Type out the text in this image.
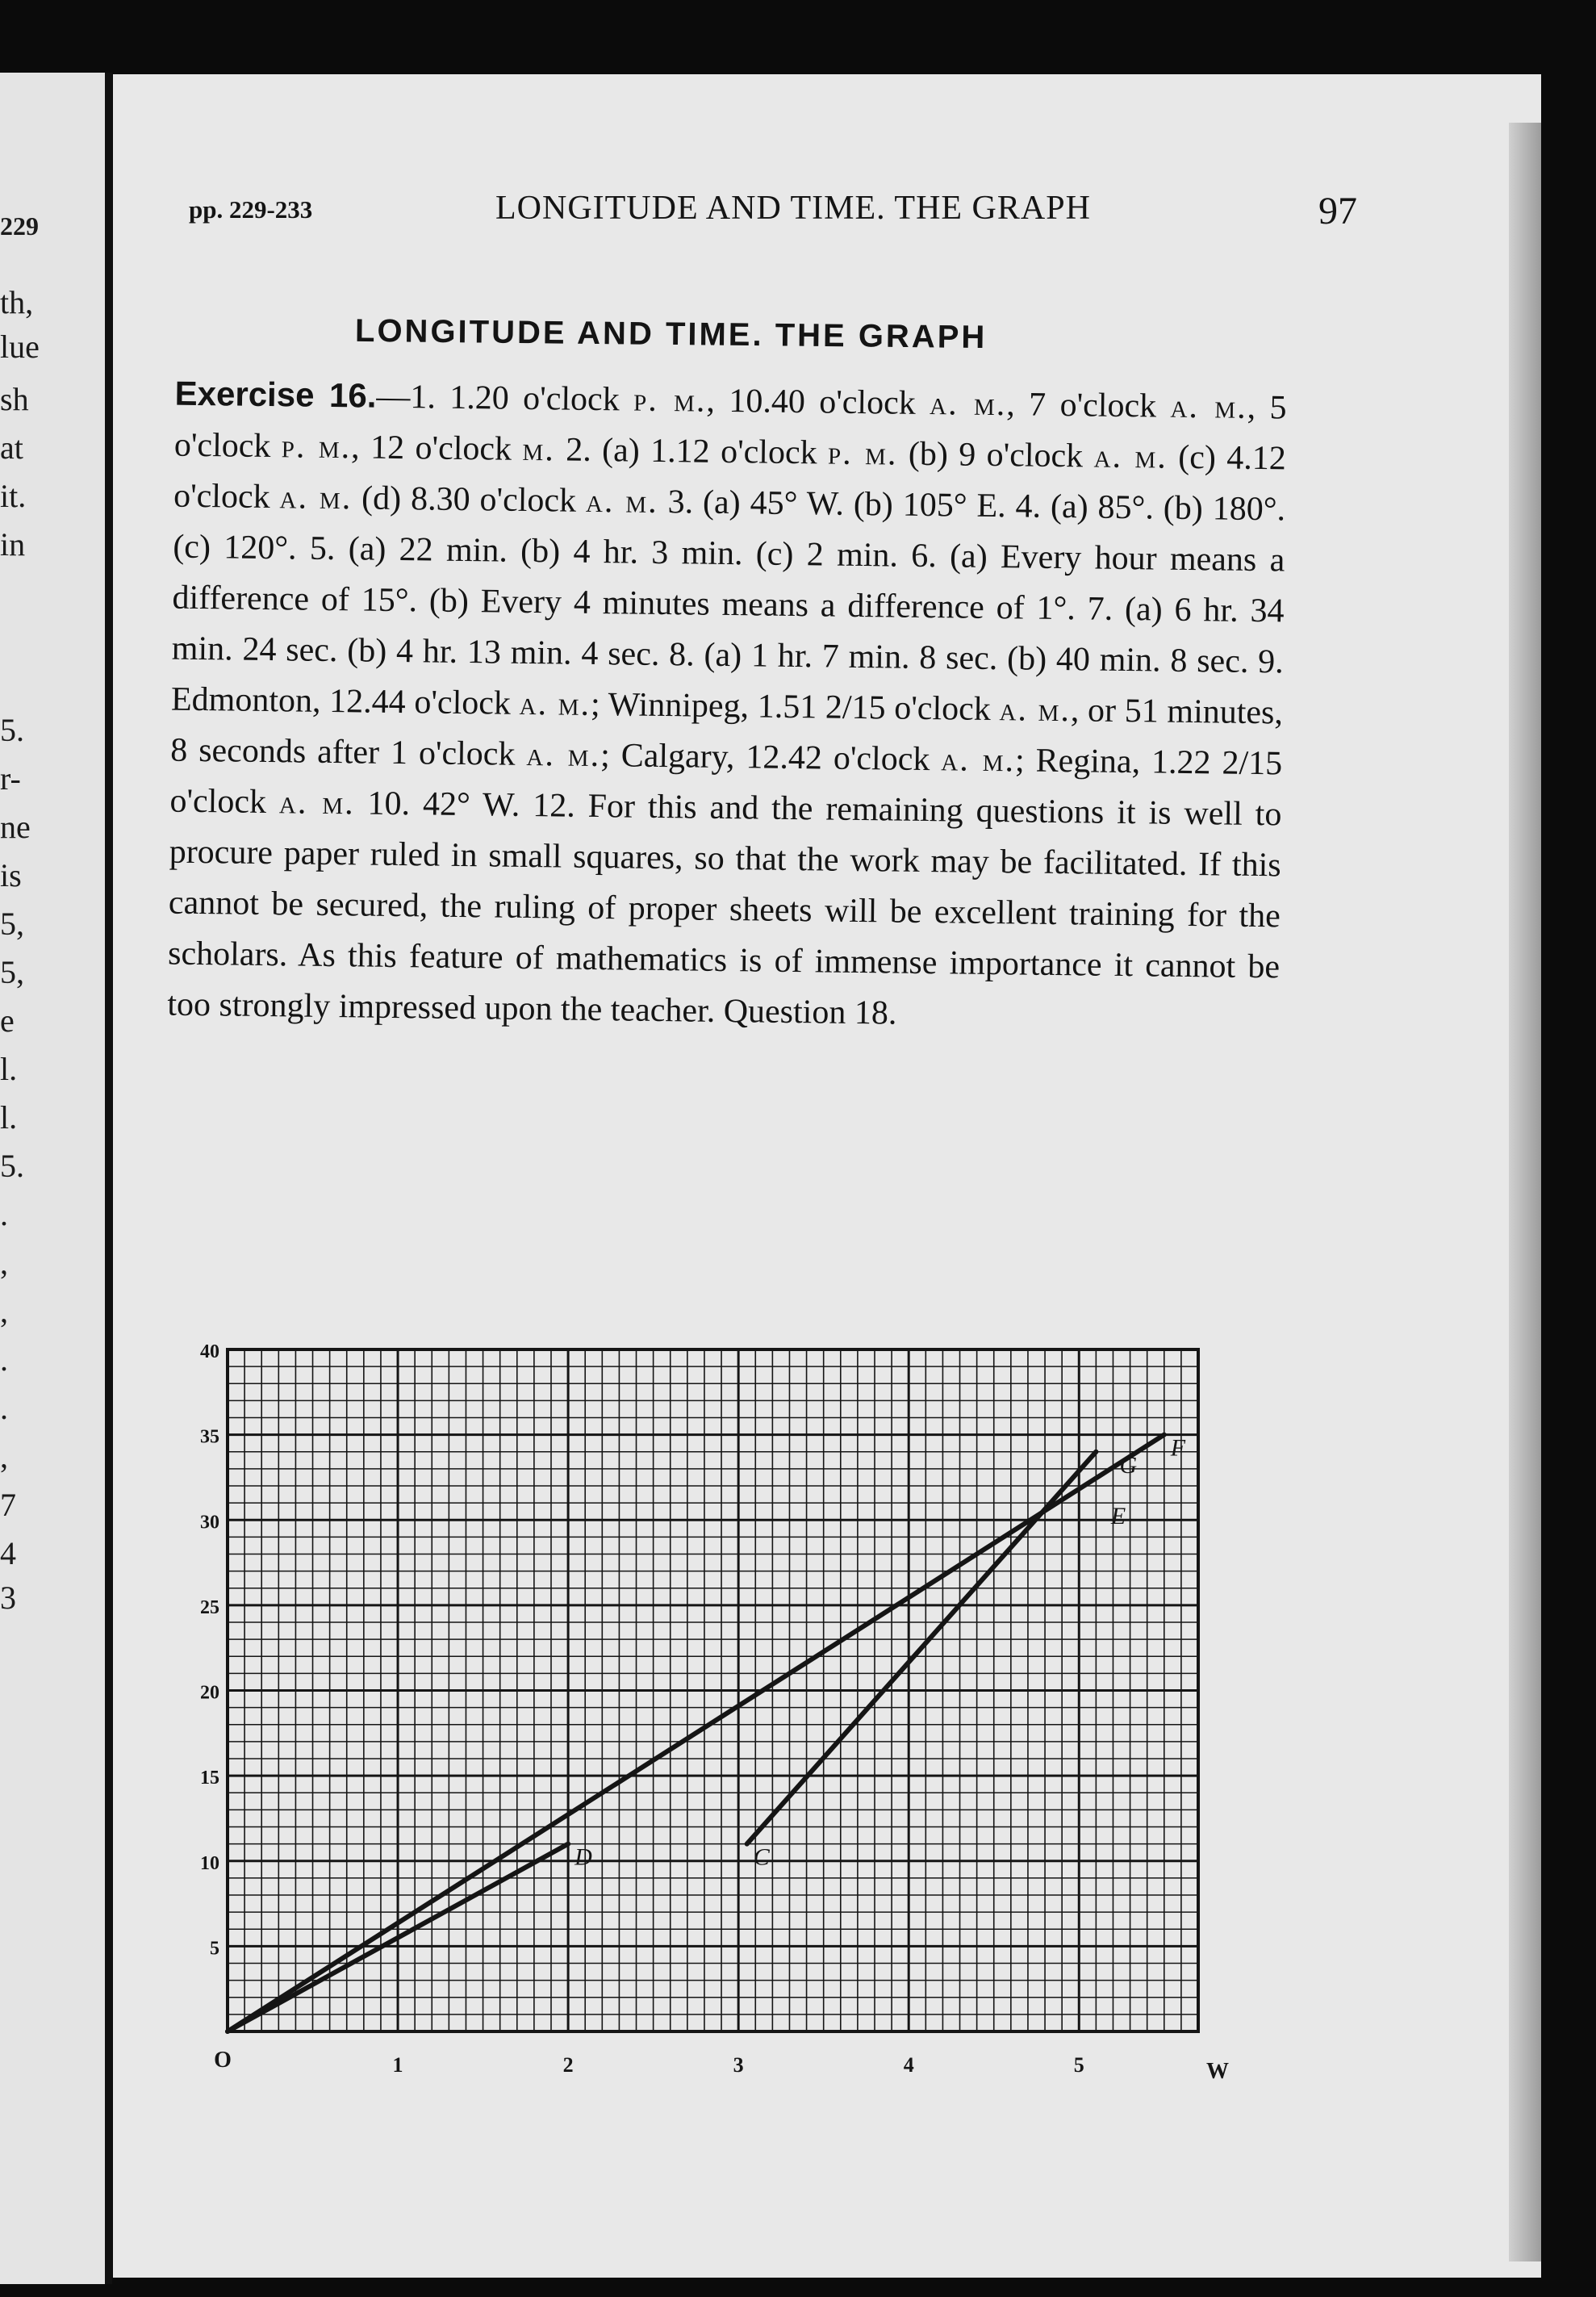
229
th,
lue
sh
at
it.
in
5.
r-
ne
is
5,
5,
e
l.
l.
5.
.
,
,
.
.
,
7
4
3
pp. 229-233	LONGITUDE AND TIME. THE GRAPH	97
LONGITUDE AND TIME. THE GRAPH

Exercise 16.—1. 1.20 o'clock p. m., 10.40 o'clock a. m., 7 o'clock a. m., 5 o'clock p. m., 12 o'clock m. 2. (a) 1.12 o'clock p. m. (b) 9 o'clock a. m. (c) 4.12 o'clock a. m. (d) 8.30 o'clock a. m. 3. (a) 45° W. (b) 105° E. 4. (a) 85°. (b) 180°. (c) 120°. 5. (a) 22 min. (b) 4 hr. 3 min. (c) 2 min. 6. (a) Every hour means a difference of 15°. (b) Every 4 minutes means a difference of 1°. 7. (a) 6 hr. 34 min. 24 sec. (b) 4 hr. 13 min. 4 sec. 8. (a) 1 hr. 7 min. 8 sec. (b) 40 min. 8 sec. 9. Edmonton, 12.44 o'clock a. m.; Winnipeg, 1.51 2/15 o'clock a. m., or 51 minutes, 8 seconds after 1 o'clock a. m.; Calgary, 12.42 o'clock a. m.; Regina, 1.22 2/15 o'clock a. m. 10. 42° W. 12. For this and the remaining questions it is well to procure paper ruled in small squares, so that the work may be facilitated. If this cannot be secured, the ruling of proper sheets will be excellent training for the scholars. As this feature of mathematics is of immense importance it cannot be too strongly impressed upon the teacher. Question 18.

40
35
30
25
20
15
10
5
1	2	3	4	5
O	W
D	C
E
G
F
